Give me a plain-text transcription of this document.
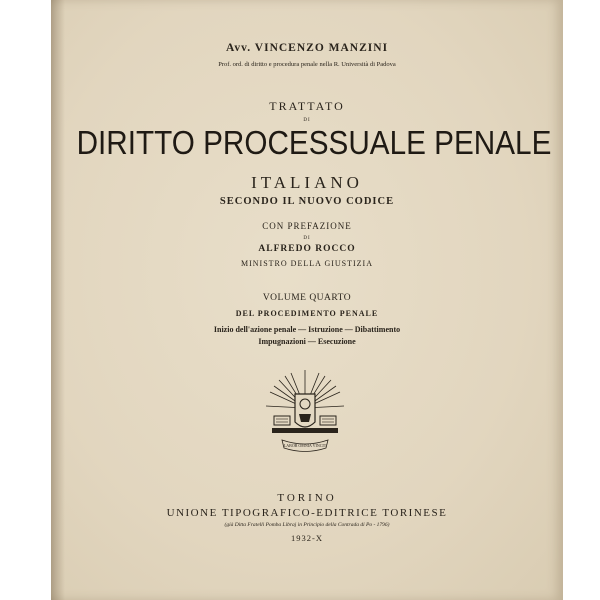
Avv. VINCENZO MANZINI
Prof. ord. di diritto e procedura penale nella R. Università di Padova
TRATTATO
DI
DIRITTO PROCESSUALE PENALE
ITALIANO
SECONDO IL NUOVO CODICE
CON PREFAZIONE
DI
ALFREDO ROCCO
MINISTRO DELLA GIUSTIZIA
VOLUME QUARTO
DEL PROCEDIMENTO PENALE
Inizio dell'azione penale — Istruzione — Dibattimento
Impugnazioni — Esecuzione
LABOR OMNIA VINCIT
TORINO
UNIONE TIPOGRAFICO-EDITRICE TORINESE
(già Ditta Fratelli Pomba Libraj in Principio della Contrada di Po - 1796)
1932-X
